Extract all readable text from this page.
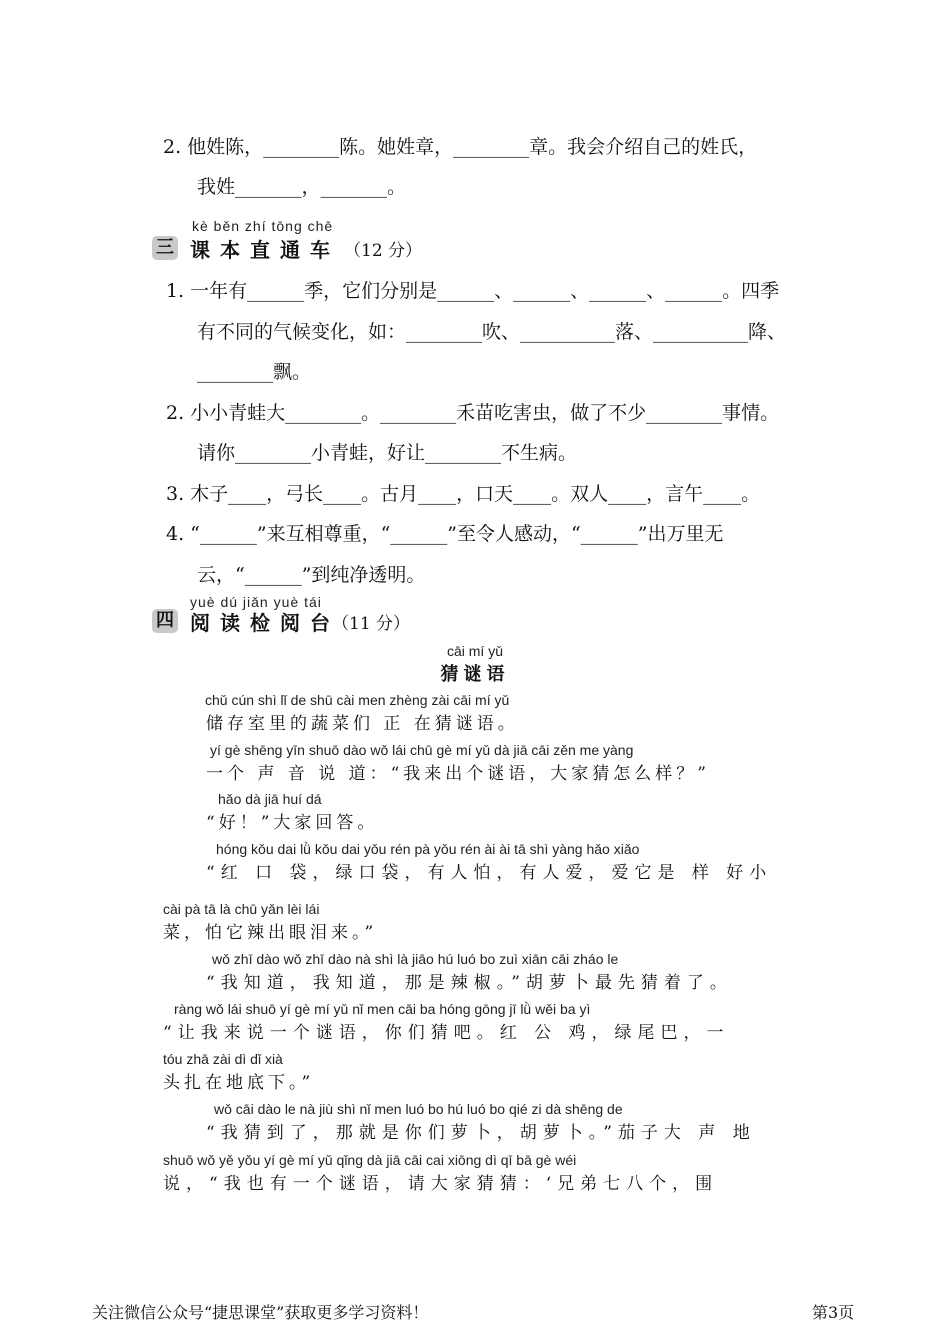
2. 他姓陈，________陈。她姓章，________章。我会介绍自己的姓氏，
我姓_______，_______。
kè běn zhí tōng chē
三 课本直通车 （12 分）
1. 一年有______季，它们分别是______、______、______、______。四季
有不同的气候变化，如：________吹、__________落、__________降、
________飘。
2. 小小青蛙大________。________禾苗吃害虫，做了不少________事情。
请你________小青蛙，好让________不生病。
3. 木子____，弓长____。古月____，口天____。双人____，言午____。
4. “______”来互相尊重，“______”至令人感动，“______”出万里无
云，“______”到纯净透明。
yuè dú jiǎn yuè tái
四 阅读检阅台
（11 分）
cāi mí yǔ
猜谜语
chǔ cún shì lǐ de shū cài men zhèng zài cāi mí yǔ
储存室里的蔬菜们 正 在猜谜语。
yí gè shēng yīn shuō dào wǒ lái chū gè mí yǔ dà jiā cāi zěn me yàng
一个 声 音 说 道：“我来出个谜语，大家猜怎么样？”
hǎo dà jiā huí dá
“好！”大家回答。
hóng kǒu dai lǜ kǒu dai yǒu rén pà yǒu rén ài ài tā shì yàng hǎo xiǎo
“红 口 袋，绿口袋，有人怕，有人爱，爱它是 样 好小
cài pà tā là chū yǎn lèi lái
菜，怕它辣出眼泪来。”
wǒ zhī dào wǒ zhī dào nà shì là jiāo hú luó bo zuì xiān cāi zháo le
“我知道，我知道，那是辣椒。”胡萝卜最先猜着了。
ràng wǒ lái shuō yí gè mí yǔ nǐ men cāi ba hóng gōng jī lǜ wěi ba yì
“让我来说一个谜语，你们猜吧。红 公 鸡，绿尾巴，一
tóu zhā zài dì dǐ xià
头扎在地底下。”
wǒ cāi dào le nà jiù shì nǐ men luó bo hú luó bo qié zi dà shēng de
“我猜到了，那就是你们萝卜，胡萝卜。”茄子大 声 地
shuō wǒ yě yǒu yí gè mí yǔ qǐng dà jiā cāi cai xiōng dì qī bā gè wéi
说，“我也有一个谜语，请大家猜猜：‘兄弟七八个，围
关注微信公众号“捷思课堂”获取更多学习资料！	第3页
